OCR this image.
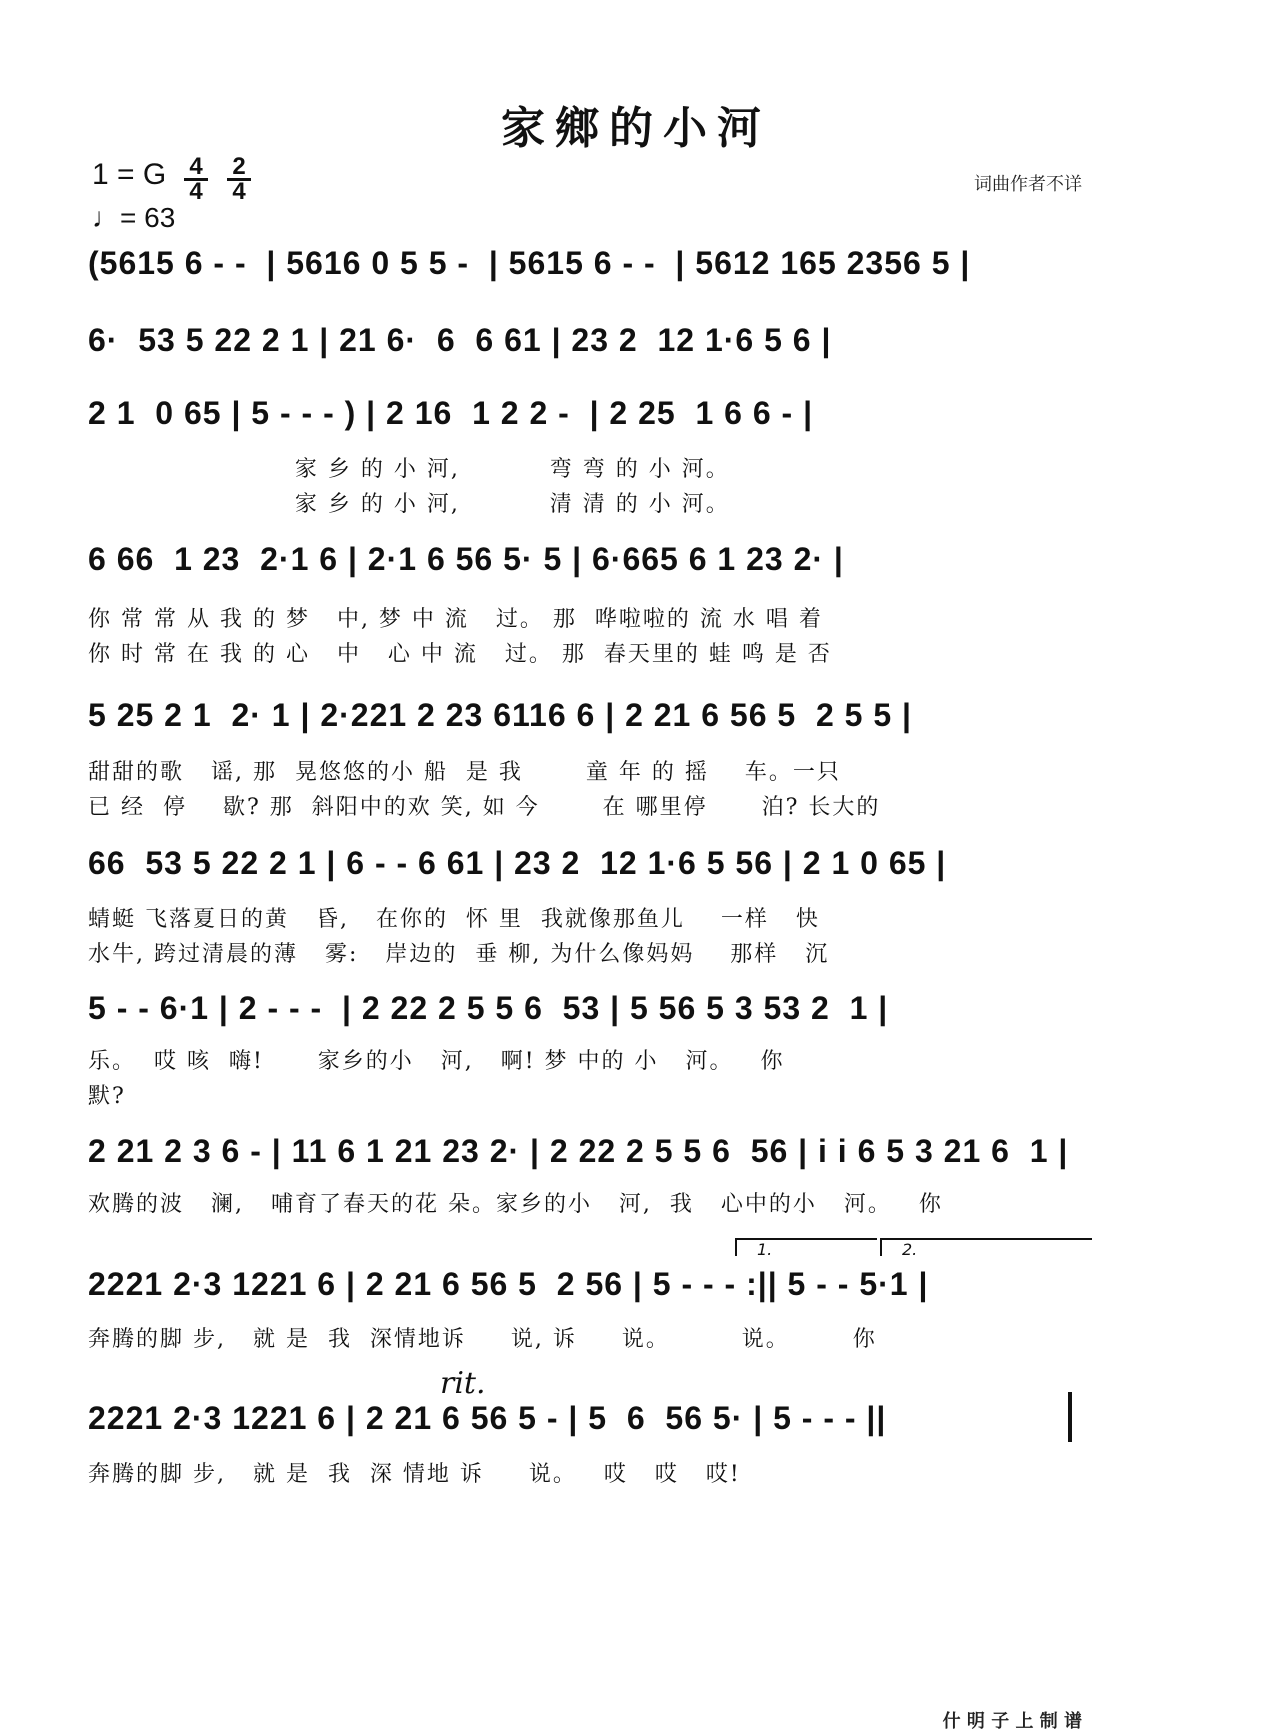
家鄉的小河
1 = G
♩= 63
4
4
2
4	词曲作者不详
(5615 6 - -  | 5616 0 5 5 -  | 5615 6 - -  | 5612 165 2356 5 |
6·  53 5 22 2 1 | 21 6·  6  6 61 | 23 2  12 1·6 5 6 |
2 1  0 65 | 5 - - - ) | 2 16  1 2 2 -  | 2 25  1 6 6 - |
家 乡 的 小 河,          弯 弯 的 小 河。
家 乡 的 小 河,          清 清 的 小 河。
6 66  1 23  2·1 6 | 2·1 6 56 5· 5 | 6·665 6 1 23 2· |
你 常 常 从 我 的 梦   中, 梦 中 流   过。 那  哗啦啦的 流 水 唱 着
你 时 常 在 我 的 心   中   心 中 流   过。 那  春天里的 蛙 鸣 是 否
5 25 2 1  2· 1 | 2·221 2 23 6116 6 | 2 21 6 56 5  2 5 5 |
甜甜的歌   谣, 那  晃悠悠的小 船  是 我       童 年 的 摇    车。一只
已 经  停    歇? 那  斜阳中的欢 笑, 如 今       在 哪里停      泊? 长大的
66  53 5 22 2 1 | 6 - - 6 61 | 23 2  12 1·6 5 56 | 2 1 0 65 |
蜻蜓 飞落夏日的黄   昏,   在你的  怀 里  我就像那鱼儿    一样   快
水牛, 跨过清晨的薄   雾:   岸边的  垂 柳, 为什么像妈妈    那样   沉
5 - - 6·1 | 2 - - -  | 2 22 2 5 5 6  53 | 5 56 5 3 53 2  1 |
乐。  哎 咳  嗨!      家乡的小   河,   啊! 梦 中的 小   河。   你
默?
2 21 2 3 6 - | 11 6 1 21 23 2· | 2 22 2 5 5 6  56 | i i 6 5 3 21 6  1 |
欢腾的波   澜,   哺育了春天的花 朵。家乡的小   河,  我   心中的小   河。   你
1.	2.
2221 2·3 1221 6 | 2 21 6 56 5  2 56 | 5 - - - :|| 5 - - 5·1 |
奔腾的脚 步,   就 是  我  深情地诉     说, 诉     说。        说。       你
rit.
2221 2·3 1221 6 | 2 21 6 56 5 - | 5  6  56 5· | 5 - - - ||
奔腾的脚 步,   就 是  我  深 情地 诉     说。   哎   哎   哎!
什 明 子 上 制 谱
